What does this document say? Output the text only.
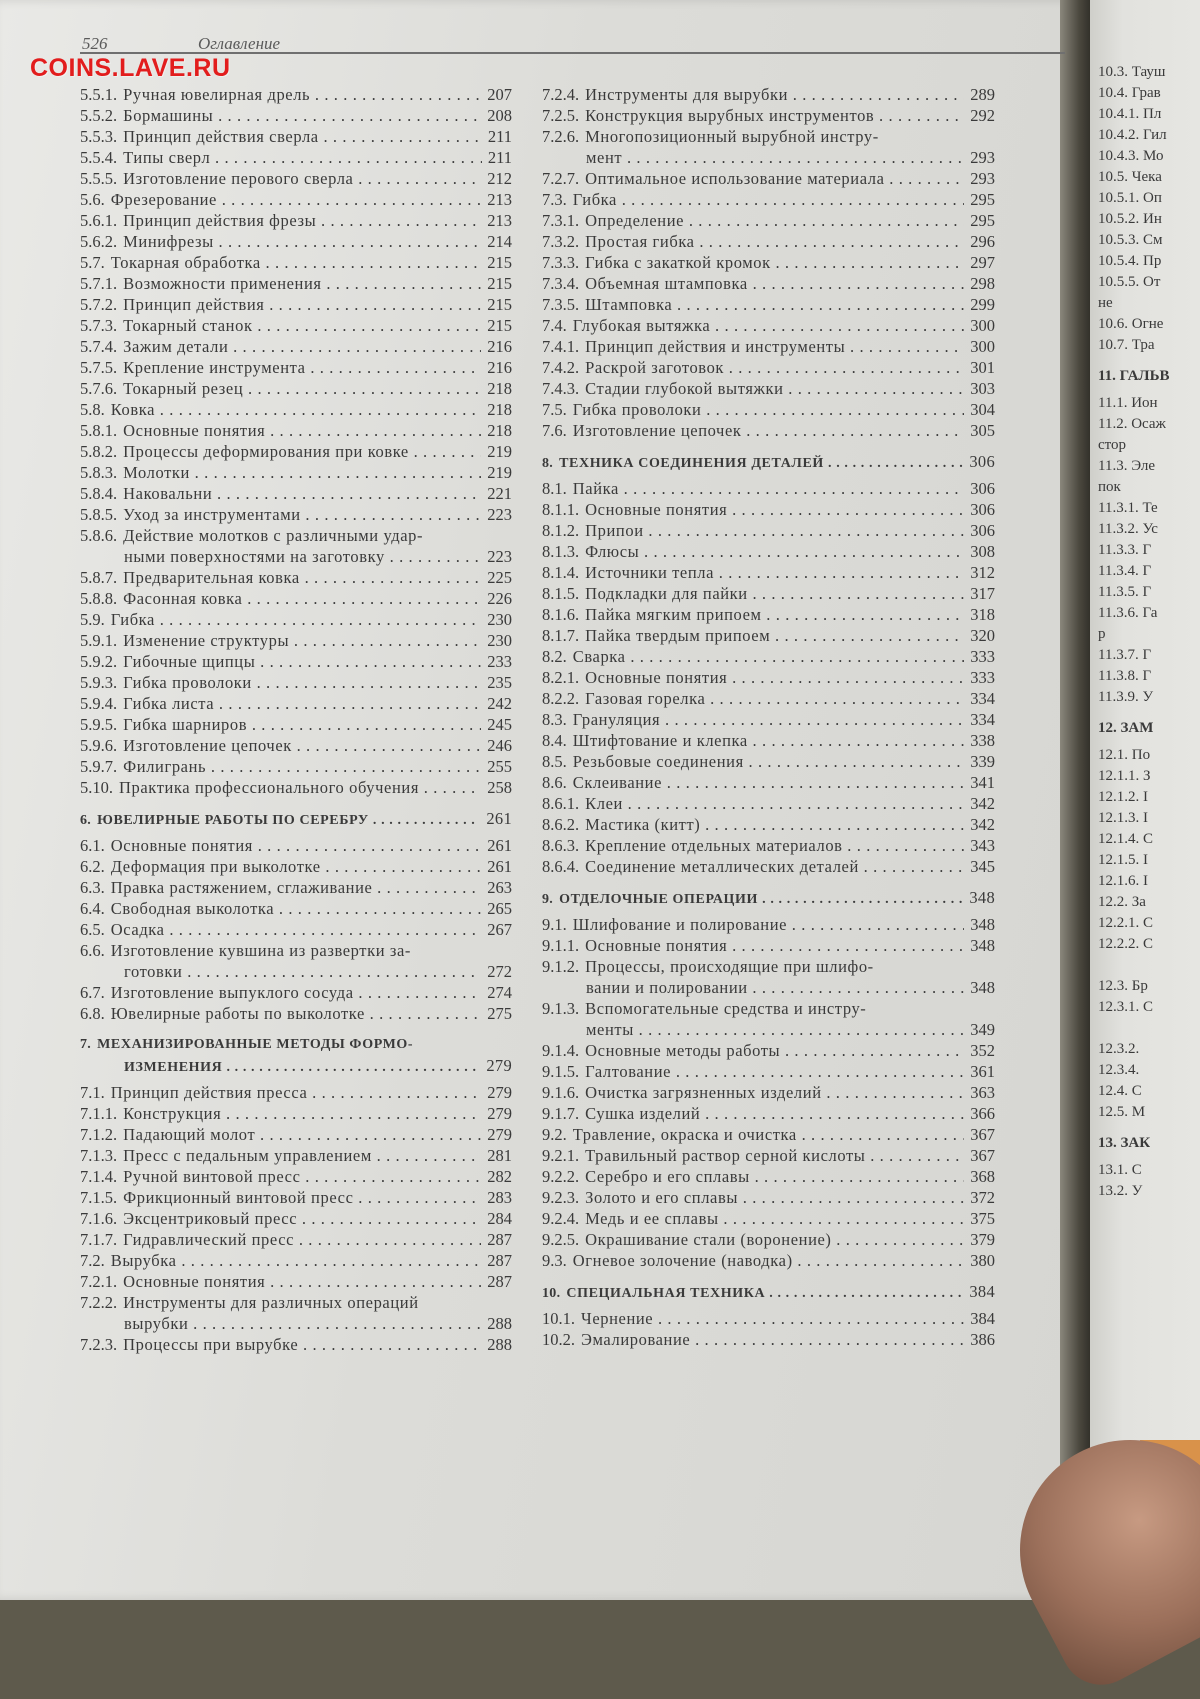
526	Оглавление
COINS.LAVE.RU
5.5.1. Ручная ювелирная дрель . . .	207
5.5.2. Бормашины . . .	208
5.5.3. Принцип действия сверла . . .	211
5.5.4. Типы сверл . . .	211
5.5.5. Изготовление перового сверла . . .	212
5.6. Фрезерование . . .	213
5.6.1. Принцип действия фрезы . . .	213
5.6.2. Минифрезы . . .	214
5.7. Токарная обработка . . .	215
5.7.1. Возможности применения . . .	215
5.7.2. Принцип действия . . .	215
5.7.3. Токарный станок . . .	215
5.7.4. Зажим детали . . .	216
5.7.5. Крепление инструмента . . .	216
5.7.6. Токарный резец . . .	218
5.8. Ковка . . .	218
5.8.1. Основные понятия . . .	218
5.8.2. Процессы деформирования при ковке . . .	219
5.8.3. Молотки . . .	219
5.8.4. Наковальни . . .	221
5.8.5. Уход за инструментами . . .	223
5.8.6. Действие молотков с различными удар-
ными поверхностями на заготовку . . .	223
5.8.7. Предварительная ковка . . .	225
5.8.8. Фасонная ковка . . .	226
5.9. Гибка . . .	230
5.9.1. Изменение структуры . . .	230
5.9.2. Гибочные щипцы . . .	233
5.9.3. Гибка проволоки . . .	235
5.9.4. Гибка листа . . .	242
5.9.5. Гибка шарниров . . .	245
5.9.6. Изготовление цепочек . . .	246
5.9.7. Филигрань . . .	255
5.10. Практика профессионального обучения . . .	258
6. ЮВЕЛИРНЫЕ РАБОТЫ ПО СЕРЕБРУ . . .	261
6.1. Основные понятия . . .	261
6.2. Деформация при выколотке . . .	261
6.3. Правка растяжением, сглаживание . . .	263
6.4. Свободная выколотка . . .	265
6.5. Осадка . . .	267
6.6. Изготовление кувшина из развертки за-
готовки . . .	272
6.7. Изготовление выпуклого сосуда . . .	274
6.8. Ювелирные работы по выколотке . . .	275
7. МЕХАНИЗИРОВАННЫЕ МЕТОДЫ ФОРМО-
ИЗМЕНЕНИЯ . . .	279
7.1. Принцип действия пресса . . .	279
7.1.1. Конструкция . . .	279
7.1.2. Падающий молот . . .	279
7.1.3. Пресс с педальным управлением . . .	281
7.1.4. Ручной винтовой пресс . . .	282
7.1.5. Фрикционный винтовой пресс . . .	283
7.1.6. Эксцентриковый пресс . . .	284
7.1.7. Гидравлический пресс . . .	287
7.2. Вырубка . . .	287
7.2.1. Основные понятия . . .	287
7.2.2. Инструменты для различных операций
вырубки . . .	288
7.2.3. Процессы при вырубке . . .	288
7.2.4. Инструменты для вырубки . . .	289
7.2.5. Конструкция вырубных инструментов . . .	292
7.2.6. Многопозиционный вырубной инстру-
мент . . .	293
7.2.7. Оптимальное использование материала . . .	293
7.3. Гибка . . .	295
7.3.1. Определение . . .	295
7.3.2. Простая гибка . . .	296
7.3.3. Гибка с закаткой кромок . . .	297
7.3.4. Объемная штамповка . . .	298
7.3.5. Штамповка . . .	299
7.4. Глубокая вытяжка . . .	300
7.4.1. Принцип действия и инструменты . . .	300
7.4.2. Раскрой заготовок . . .	301
7.4.3. Стадии глубокой вытяжки . . .	303
7.5. Гибка проволоки . . .	304
7.6. Изготовление цепочек . . .	305
8. ТЕХНИКА СОЕДИНЕНИЯ ДЕТАЛЕЙ . . .	306
8.1. Пайка . . .	306
8.1.1. Основные понятия . . .	306
8.1.2. Припои . . .	306
8.1.3. Флюсы . . .	308
8.1.4. Источники тепла . . .	312
8.1.5. Подкладки для пайки . . .	317
8.1.6. Пайка мягким припоем . . .	318
8.1.7. Пайка твердым припоем . . .	320
8.2. Сварка . . .	333
8.2.1. Основные понятия . . .	333
8.2.2. Газовая горелка . . .	334
8.3. Грануляция . . .	334
8.4. Штифтование и клепка . . .	338
8.5. Резьбовые соединения . . .	339
8.6. Склеивание . . .	341
8.6.1. Клеи . . .	342
8.6.2. Мастика (китт) . . .	342
8.6.3. Крепление отдельных материалов . . .	343
8.6.4. Соединение металлических деталей . . .	345
9. ОТДЕЛОЧНЫЕ ОПЕРАЦИИ . . .	348
9.1. Шлифование и полирование . . .	348
9.1.1. Основные понятия . . .	348
9.1.2. Процессы, происходящие при шлифо-
вании и полировании . . .	348
9.1.3. Вспомогательные средства и инстру-
менты . . .	349
9.1.4. Основные методы работы . . .	352
9.1.5. Галтование . . .	361
9.1.6. Очистка загрязненных изделий . . .	363
9.1.7. Сушка изделий . . .	366
9.2. Травление, окраска и очистка . . .	367
9.2.1. Травильный раствор серной кислоты . . .	367
9.2.2. Серебро и его сплавы . . .	368
9.2.3. Золото и его сплавы . . .	372
9.2.4. Медь и ее сплавы . . .	375
9.2.5. Окрашивание стали (воронение) . . .	379
9.3. Огневое золочение (наводка) . . .	380
10. СПЕЦИАЛЬНАЯ ТЕХНИКА . . .	384
10.1. Чернение . . .	384
10.2. Эмалирование . . .	386
10.3. Тауш
10.4. Грав
10.4.1. Пл
10.4.2. Гил
10.4.3. Мо
10.5. Чека
10.5.1. Оп
10.5.2. Ин
10.5.3. См
10.5.4. Пр
10.5.5. От
не
10.6. Огне
10.7. Тра
11. ГАЛЬВ
11.1. Ион
11.2. Осаж
стор
11.3. Эле
пок
11.3.1. Те
11.3.2. Ус
11.3.3. Г
11.3.4. Г
11.3.5. Г
11.3.6. Га
р
11.3.7. Г
11.3.8. Г
11.3.9. У
12. ЗАМ
12.1. По
12.1.1. З
12.1.2. I
12.1.3. I
12.1.4. C
12.1.5. I
12.1.6. I
12.2. За
12.2.1. C
12.2.2. C

12.3. Бр
12.3.1. C

12.3.2.
12.3.4.
12.4. С
12.5. М
13. ЗАК
13.1. С
13.2. У
